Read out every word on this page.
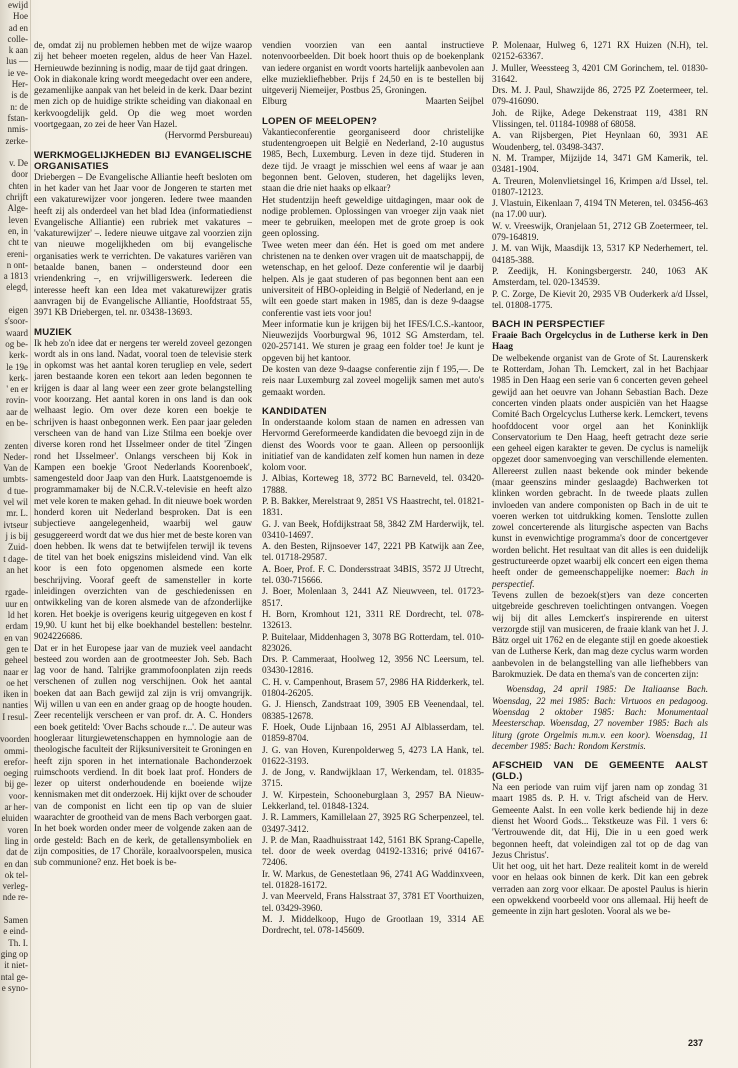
ewijd
Hoe
ad en
colle-
k aan
lus —
ie ve-
Her-
is de
n: de
fstan-
nmis-
zerke-

v. De
door
chten
chrijft
Alge-
leven
en, in
cht te
ereni-
n ont-
a 1813
elegd,

eigen
s'soor-
waard
og be-
kerk-
le 19e
kerk-
' en er
rovin-
aar de
en be-

zenten
Neder-
Van de
umbts-
d tue-
vel wil
mr. L.
ivtseur
j is bij
Zuid-
t dage-
an het

rgade-
uur en
ld het
erdam
en van
gen te
geheel
naar er
oe het
iken in
nanties
I resul-

voorden
ommi-
erefor-
oeging
bij ge-
voor-
ar her-
eluiden
voren
ling in
dat de
en dan
ok tel-
verleg-
nde re-

Samen
e eind-
Th. I.
ging op
it niet-
ntal ge-
e syno-

de, omdat zij nu problemen hebben met de wijze waarop zij het beheer moeten regelen, aldus de heer Van Hazel. Hernieuwde bezinning is nodig, maar de tijd gaat dringen.

Ook in diakonale kring wordt meegedacht over een andere, gezamenlijke aanpak van het beleid in de kerk. Daar bezint men zich op de huidige strikte scheiding van diakonaal en kerkvoogdelijk geld. Op die weg moet worden voortgegaan, zo zei de heer Van Hazel.

(Hervormd Persbureau)

WERKMOGELIJKHEDEN BIJ EVANGELISCHE ORGANISATIES

Driebergen – De Evangelische Alliantie heeft besloten om in het kader van het Jaar voor de Jongeren te starten met een vakaturewijzer voor jongeren. Iedere twee maanden heeft zij als onderdeel van het blad Idea (informatiedienst Evangelische Alliantie) een rubriek met vakatures – 'vakaturewijzer' –. Iedere nieuwe uitgave zal voorzien zijn van nieuwe mogelijkheden om bij evangelische organisaties werk te verrichten. De vakatures variëren van betaalde banen, banen – ondersteund door een vriendenkring –, en vrijwilligerswerk. Iedereen die interesse heeft kan een Idea met vakaturewijzer gratis aanvragen bij de Evangelische Alliantie, Hoofdstraat 55, 3971 KB Driebergen, tel. nr. 03438-13693.

MUZIEK

Ik heb zo'n idee dat er nergens ter wereld zoveel gezongen wordt als in ons land. Nadat, vooral toen de televisie sterk in opkomst was het aantal koren terugliep en vele, sedert jaren bestaande koren een tekort aan leden begonnen te krijgen is daar al lang weer een zeer grote belangstelling voor koorzang. Het aantal koren in ons land is dan ook welhaast legio. Om over deze koren een boekje te schrijven is haast onbegonnen werk. Een paar jaar geleden verscheen van de hand van Lize Stilma een boekje over diverse koren rond het IJsselmeer onder de titel 'Zingen rond het IJsselmeer'. Onlangs verscheen bij Kok in Kampen een boekje 'Groot Nederlands Koorenboek', samengesteld door Jaap van den Hurk. Laatstgenoemde is programmamaker bij de N.C.R.V.-televisie en heeft alzo met vele koren te maken gehad. In dit nieuwe boek worden honderd koren uit Nederland besproken. Dat is een subjectieve aangelegenheid, waarbij wel gauw gesuggereerd wordt dat we dus hier met de beste koren van doen hebben. Ik wens dat te betwijfelen terwijl ik tevens de titel van het boek enigszins misleidend vind. Van elk koor is een foto opgenomen alsmede een korte beschrijving. Vooraf geeft de samensteller in korte inleidingen overzichten van de geschiedenissen en ontwikkeling van de koren alsmede van de afzonderlijke koren. Het boekje is overigens keurig uitgegeven en kost f 19,90. U kunt het bij elke boekhandel bestellen: bestelnr. 9024226686.

Dat er in het Europese jaar van de muziek veel aandacht besteed zou worden aan de grootmeester Joh. Seb. Bach lag voor de hand. Talrijke grammofoonplaten zijn reeds verschenen of zullen nog verschijnen. Ook het aantal boeken dat aan Bach gewijd zal zijn is vrij omvangrijk. Wij willen u van een en ander graag op de hoogte houden. Zeer recentelijk verscheen er van prof. dr. A. C. Honders een boek getiteld: 'Over Bachs schoude r...'. De auteur was hoogleraar liturgiewetenschappen en hymnologie aan de theologische faculteit der Rijksuniversiteit te Groningen en heeft zijn sporen in het internationale Bachonderzoek ruimschoots verdiend. In dit boek laat prof. Honders de lezer op uiterst onderhoudende en boeiende wijze kennismaken met dit onderzoek. Hij kijkt over de schouder van de componist en licht een tip op van de sluier waarachter de grootheid van de mens Bach verborgen gaat. In het boek worden onder meer de volgende zaken aan de orde gesteld: Bach en de kerk, de getallensymboliek en zijn composities, de 17 Choräle, koraalvoorspelen, musica sub communione? enz. Het boek is be-

vendien voorzien van een aantal instructieve notenvoorbeelden. Dit boek hoort thuis op de boekenplank van iedere organist en wordt voorts hartelijk aanbevolen aan elke muziekliefhebber. Prijs f 24,50 en is te bestellen bij uitgeverij Niemeijer, Postbus 25, Groningen.

Elburg	Maarten Seijbel

LOPEN OF MEELOPEN?

Vakantieconferentie georganiseerd door christelijke studentengroepen uit België en Nederland, 2-10 augustus 1985, Bech, Luxemburg. Leven in deze tijd. Studeren in deze tijd. Je vraagt je misschien wel eens af waar je aan begonnen bent. Geloven, studeren, het dagelijks leven, staan die drie niet haaks op elkaar?

Het studentzijn heeft geweldige uitdagingen, maar ook de nodige problemen. Oplossingen van vroeger zijn vaak niet meer te gebruiken, meelopen met de grote groep is ook geen oplossing.

Twee weten meer dan één. Het is goed om met andere christenen na te denken over vragen uit de maatschappij, de wetenschap, en het geloof. Deze conferentie wil je daarbij helpen. Als je gaat studeren of pas begonnen bent aan een universiteit of HBO-opleiding in België of Nederland, en je wilt een goede start maken in 1985, dan is deze 9-daagse conferentie vast iets voor jou!

Meer informatie kun je krijgen bij het IFES/I.C.S.-kantoor, Nieuwezijds Voorburgwal 96, 1012 SG Amsterdam, tel. 020-257141. We sturen je graag een folder toe! Je kunt je opgeven bij het kantoor.

De kosten van deze 9-daagse conferentie zijn f 195,—. De reis naar Luxemburg zal zoveel mogelijk samen met auto's gemaakt worden.

KANDIDATEN

In onderstaande kolom staan de namen en adressen van Hervormd Gereformeerde kandidaten die bevoegd zijn in de dienst des Woords voor te gaan. Alleen op persoonlijk initiatief van de kandidaten zelf komen hun namen in deze kolom voor.

J. Albias, Korteweg 18, 3772 BC Barneveld, tel. 03420-17888.

P. B. Bakker, Merelstraat 9, 2851 VS Haastrecht, tel. 01821-1831.

G. J. van Beek, Hofdijkstraat 58, 3842 ZM Harderwijk, tel. 03410-14697.

A. den Besten, Rijnsoever 147, 2221 PB Katwijk aan Zee, tel. 01718-29587.

A. Boer, Prof. F. C. Dondersstraat 34BIS, 3572 JJ Utrecht, tel. 030-715666.

J. Boer, Molenlaan 3, 2441 AZ Nieuwveen, tel. 01723-8517.

H. Born, Kromhout 121, 3311 RE Dordrecht, tel. 078-132613.

P. Buitelaar, Middenhagen 3, 3078 BG Rotterdam, tel. 010-823026.

Drs. P. Cammeraat, Hoolweg 12, 3956 NC Leersum, tel. 03430-12816.

C. H. v. Campenhout, Brasem 57, 2986 HA Ridderkerk, tel. 01804-26205.

G. J. Hiensch, Zandstraat 109, 3905 EB Veenendaal, tel. 08385-12678.

F. Hoek, Oude Lijnbaan 16, 2951 AJ Alblasserdam, tel. 01859-8704.

J. G. van Hoven, Kurenpolderweg 5, 4273 LA Hank, tel. 01622-3193.

J. de Jong, v. Randwijklaan 17, Werkendam, tel. 01835-3715.

J. W. Kirpestein, Schooneburglaan 3, 2957 BA Nieuw-Lekkerland, tel. 01848-1324.

J. R. Lammers, Kamillelaan 27, 3925 RG Scherpenzeel, tel. 03497-3412.

J. P. de Man, Raadhuisstraat 142, 5161 BK Sprang-Capelle, tel. door de week overdag 04192-13316; privé 04167-72406.

Ir. W. Markus, de Genestetlaan 96, 2741 AG Waddinxveen, tel. 01828-16172.

J. van Meerveld, Frans Halsstraat 37, 3781 ET Voorthuizen, tel. 03429-3960.

M. J. Middelkoop, Hugo de Grootlaan 19, 3314 AE Dordrecht, tel. 078-145609.

P. Molenaar, Hulweg 6, 1271 RX Huizen (N.H), tel. 02152-63367.

J. Muller, Weessteeg 3, 4201 CM Gorinchem, tel. 01830-31642.

Drs. M. J. Paul, Shawzijde 86, 2725 PZ Zoetermeer, tel. 079-416090.

Joh. de Rijke, Adege Dekenstraat 119, 4381 RN Vlissingen, tel. 01184-10988 of 68058.

A. van Rijsbergen, Piet Heynlaan 60, 3931 AE Woudenberg, tel. 03498-3437.

N. M. Tramper, Mijzijde 14, 3471 GM Kamerik, tel. 03481-1904.

A. Treuren, Molenvlietsingel 16, Krimpen a/d IJssel, tel. 01807-12123.

J. Vlastuin, Eikenlaan 7, 4194 TN Meteren, tel. 03456-463 (na 17.00 uur).

W. v. Vreeswijk, Oranjelaan 51, 2712 GB Zoetermeer, tel. 079-164819.

J. M. van Wijk, Maasdijk 13, 5317 KP Nederhemert, tel. 04185-388.

P. Zeedijk, H. Koningsbergerstr. 240, 1063 AK Amsterdam, tel. 020-134539.

P. C. Zorge, De Kievit 20, 2935 VB Ouderkerk a/d IJssel, tel. 01808-1775.

BACH IN PERSPECTIEF

Fraaie Bach Orgelcyclus in de Lutherse kerk in Den Haag

De welbekende organist van de Grote of St. Laurenskerk te Rotterdam, Johan Th. Lemckert, zal in het Bachjaar 1985 in Den Haag een serie van 6 concerten geven geheel gewijd aan het oeuvre van Johann Sebastian Bach. Deze concerten vinden plaats onder auspiciën van het Haagse Comité Bach Orgelcyclus Lutherse kerk. Lemckert, tevens hoofddocent voor orgel aan het Koninklijk Conservatorium te Den Haag, heeft getracht deze serie een geheel eigen karakter te geven. De cyclus is namelijk opgezet door samenvoeging van verschillende elementen. Allereerst zullen naast bekende ook minder bekende (maar geenszins minder geslaagde) Bachwerken tot klinken worden gebracht. In de tweede plaats zullen invloeden van andere componisten op Bach in de uit te voeren werken tot uitdrukking komen. Tenslotte zullen zowel concerterende als liturgische aspecten van Bachs kunst in evenwichtige programma's door de concertgever worden belicht. Het resultaat van dit alles is een duidelijk gestructureerde opzet waarbij elk concert een eigen thema heeft onder de gemeenschappelijke noemer: Bach in perspectief.

Tevens zullen de bezoek(st)ers van deze concerten uitgebreide geschreven toelichtingen ontvangen. Voegen wij bij dit alles Lemckert's inspirerende en uiterst verzorgde stijl van musiceren, de fraaie klank van het J. J. Bätz orgel uit 1762 en de elegante stijl en goede akoestiek van de Lutherse Kerk, dan mag deze cyclus warm worden aanbevolen in de belangstelling van alle liefhebbers van Barokmuziek. De data en thema's van de concerten zijn:

Woensdag, 24 april 1985: De Italiaanse Bach. Woensdag, 22 mei 1985: Bach: Virtuoos en pedagoog. Woensdag 2 oktober 1985: Bach: Monumentaal Meesterschap. Woensdag, 27 november 1985: Bach als liturg (grote Orgelmis m.m.v. een koor). Woensdag, 11 december 1985: Bach: Rondom Kerstmis.

AFSCHEID VAN DE GEMEENTE AALST (GLD.)

Na een periode van ruim vijf jaren nam op zondag 31 maart 1985 ds. P. H. v. Trigt afscheid van de Herv. Gemeente Aalst. In een volle kerk bediende hij in deze dienst het Woord Gods... Tekstkeuze was Fil. 1 vers 6: 'Vertrouwende dit, dat Hij, Die in u een goed werk begonnen heeft, dat voleindigen zal tot op de dag van Jezus Christus'.

Uit het oog, uit het hart. Deze realiteit komt in de wereld voor en helaas ook binnen de kerk. Dit kan een gebrek verraden aan zorg voor elkaar. De apostel Paulus is hierin een opwekkend voorbeeld voor ons allemaal. Hij heeft de gemeente in zijn hart gesloten. Vooral als we be-

237
